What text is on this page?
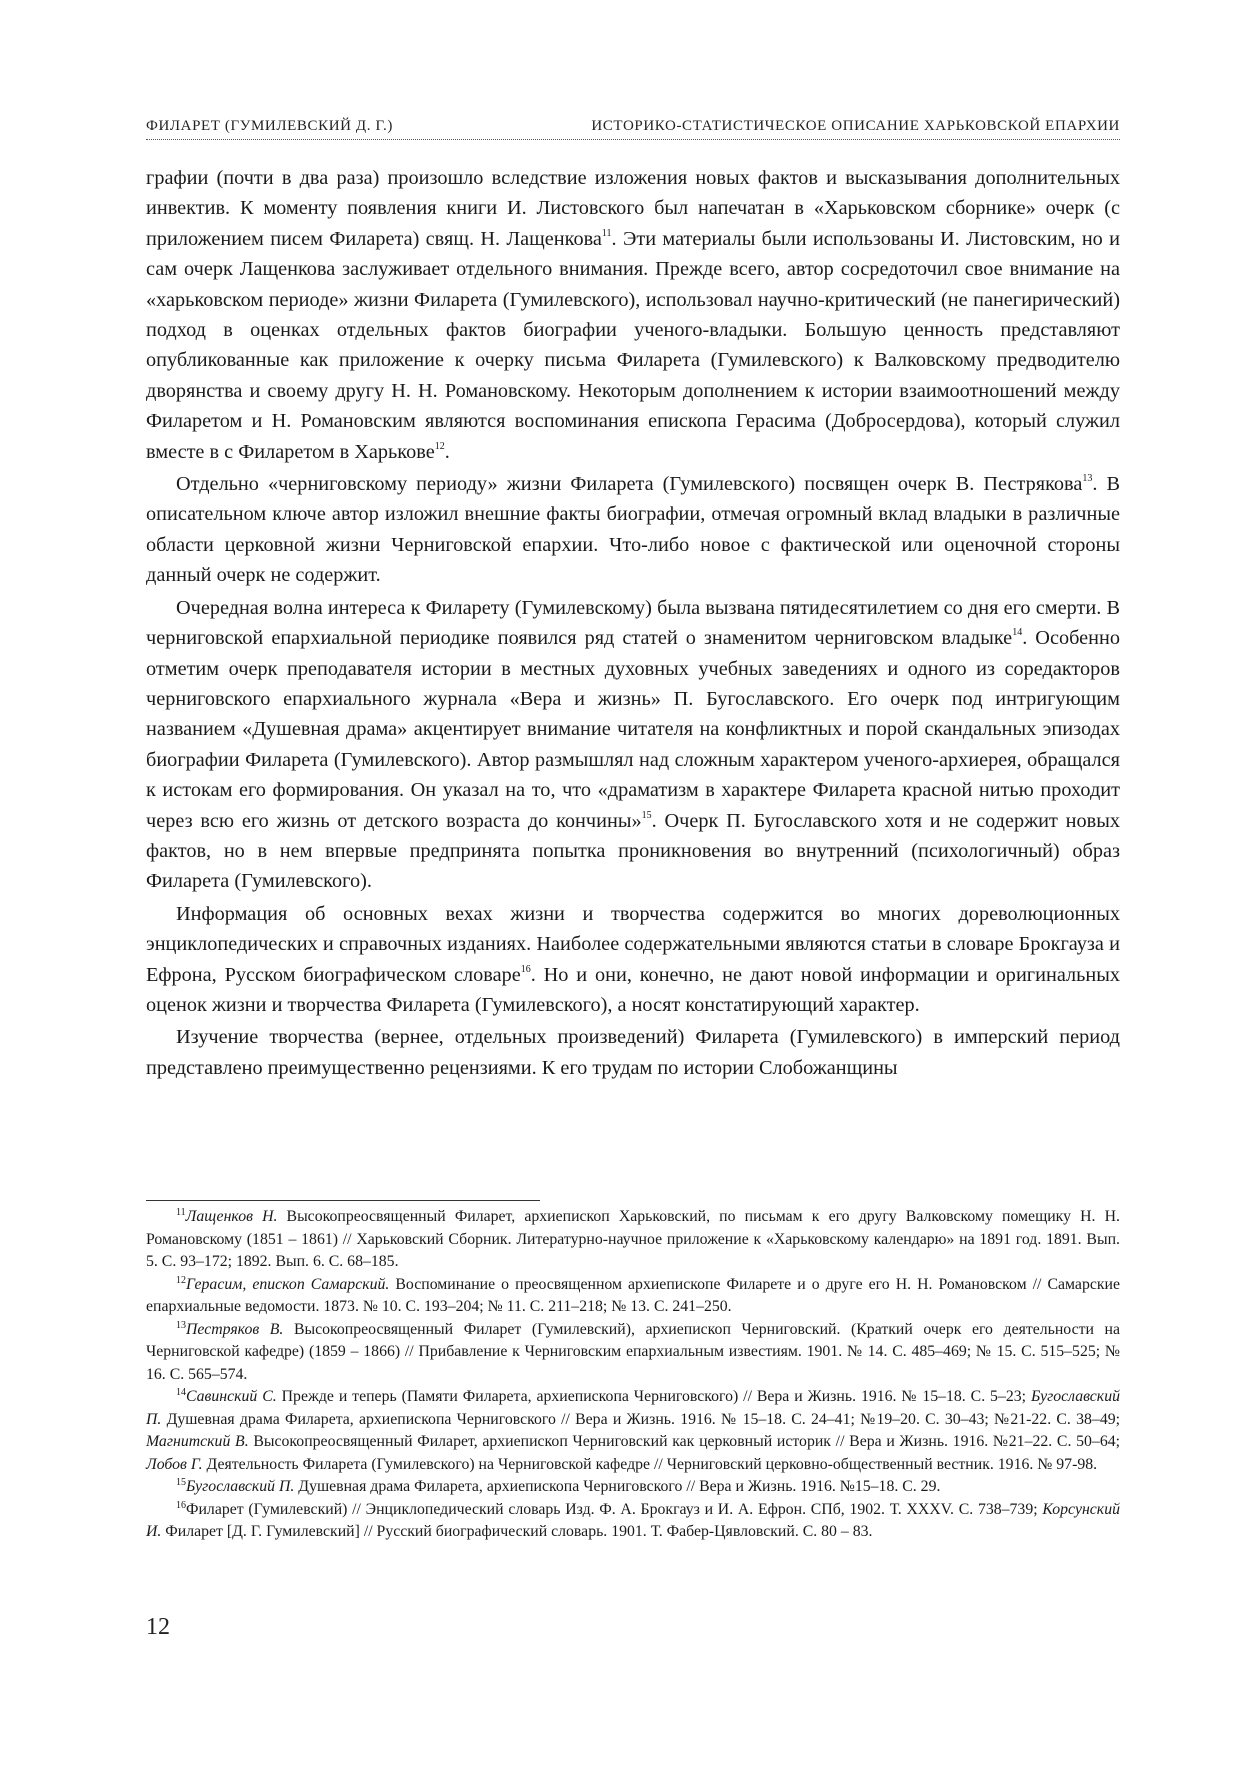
ФИЛАРЕТ (ГУМИЛЕВСКИЙ Д. Г.)	ИСТОРИКО-СТАТИСТИЧЕСКОЕ ОПИСАНИЕ ХАРЬКОВСКОЙ ЕПАРХИИ

графии (почти в два раза) произошло вследствие изложения новых фактов и высказывания дополнительных инвектив. К моменту появления книги И. Листовского был напечатан в «Харьковском сборнике» очерк (с приложением писем Филарета) свящ. Н. Лащенкова$^{11}$. Эти материалы были использованы И. Листовским, но и сам очерк Лащенкова заслуживает отдельного внимания. Прежде всего, автор сосредоточил свое внимание на «харьковском периоде» жизни Филарета (Гумилевского), использовал научно-критический (не панегирический) подход в оценках отдельных фактов биографии ученого-владыки. Большую ценность представляют опубликованные как приложение к очерку письма Филарета (Гумилевского) к Валковскому предводителю дворянства и своему другу Н. Н. Романовскому. Некоторым дополнением к истории взаимоотношений между Филаретом и Н. Романовским являются воспоминания епископа Герасима (Добросердова), который служил вместе в с Филаретом в Харькове$^{12}$.

Отдельно «черниговскому периоду» жизни Филарета (Гумилевского) посвящен очерк В. Пестрякова$^{13}$. В описательном ключе автор изложил внешние факты биографии, отмечая огромный вклад владыки в различные области церковной жизни Черниговской епархии. Что-либо новое с фактической или оценочной стороны данный очерк не содержит.

Очередная волна интереса к Филарету (Гумилевскому) была вызвана пятидесятилетием со дня его смерти. В черниговской епархиальной периодике появился ряд статей о знаменитом черниговском владыке$^{14}$. Особенно отметим очерк преподавателя истории в местных духовных учебных заведениях и одного из соредакторов черниговского епархиального журнала «Вера и жизнь» П. Бугославского. Его очерк под интригующим названием «Душевная драма» акцентирует внимание читателя на конфликтных и порой скандальных эпизодах биографии Филарета (Гумилевского). Автор размышлял над сложным характером ученого-архиерея, обращался к истокам его формирования. Он указал на то, что «драматизм в характере Филарета красной нитью проходит через всю его жизнь от детского возраста до кончины»$^{15}$. Очерк П. Бугославского хотя и не содержит новых фактов, но в нем впервые предпринята попытка проникновения во внутренний (психологичный) образ Филарета (Гумилевского).

Информация об основных вехах жизни и творчества содержится во многих дореволюционных энциклопедических и справочных изданиях. Наиболее содержательными являются статьи в словаре Брокгауза и Ефрона, Русском биографическом словаре$^{16}$. Но и они, конечно, не дают новой информации и оригинальных оценок жизни и творчества Филарета (Гумилевского), а носят констатирующий характер.

Изучение творчества (вернее, отдельных произведений) Филарета (Гумилевского) в имперский период представлено преимущественно рецензиями. К его трудам по истории Слобожанщины

$^{11}$Лащенков Н. Высокопреосвященный Филарет, архиепископ Харьковский, по письмам к его другу Валковскому помещику Н. Н. Романовскому (1851 – 1861) // Харьковский Сборник. Литературно-научное приложение к «Харьковскому календарю» на 1891 год. 1891. Вып. 5. С. 93–172; 1892. Вып. 6. С. 68–185.

$^{12}$Герасим, епископ Самарский. Воспоминание о преосвященном архиепископе Филарете и о друге его Н. Н. Романовском // Самарские епархиальные ведомости. 1873. № 10. С. 193–204; № 11. С. 211–218; № 13. С. 241–250.

$^{13}$Пестряков В. Высокопреосвященный Филарет (Гумилевский), архиепископ Черниговский. (Краткий очерк его деятельности на Черниговской кафедре) (1859 – 1866) // Прибавление к Черниговским епархиальным известиям. 1901. № 14. С. 485–469; № 15. С. 515–525; № 16. С. 565–574.

$^{14}$Савинский С. Прежде и теперь (Памяти Филарета, архиепископа Черниговского) // Вера и Жизнь. 1916. № 15–18. С. 5–23; Бугославский П. Душевная драма Филарета, архиепископа Черниговского // Вера и Жизнь. 1916. № 15–18. С. 24–41; №19–20. С. 30–43; №21-22. С. 38–49; Магнитский В. Высокопреосвященный Филарет, архиепископ Черниговский как церковный историк // Вера и Жизнь. 1916. №21–22. С. 50–64; Лобов Г. Деятельность Филарета (Гумилевского) на Черниговской кафедре // Черниговский церковно-общественный вестник. 1916. № 97-98.

$^{15}$Бугославский П. Душевная драма Филарета, архиепископа Черниговского // Вера и Жизнь. 1916. №15–18. С. 29.

$^{16}$Филарет (Гумилевский) // Энциклопедический словарь Изд. Ф. А. Брокгауз и И. А. Ефрон. СПб, 1902. Т. XXXV. С. 738–739; Корсунский И. Филарет [Д. Г. Гумилевский] // Русский биографический словарь. 1901. Т. Фабер-Цявловский. С. 80 – 83.

12
